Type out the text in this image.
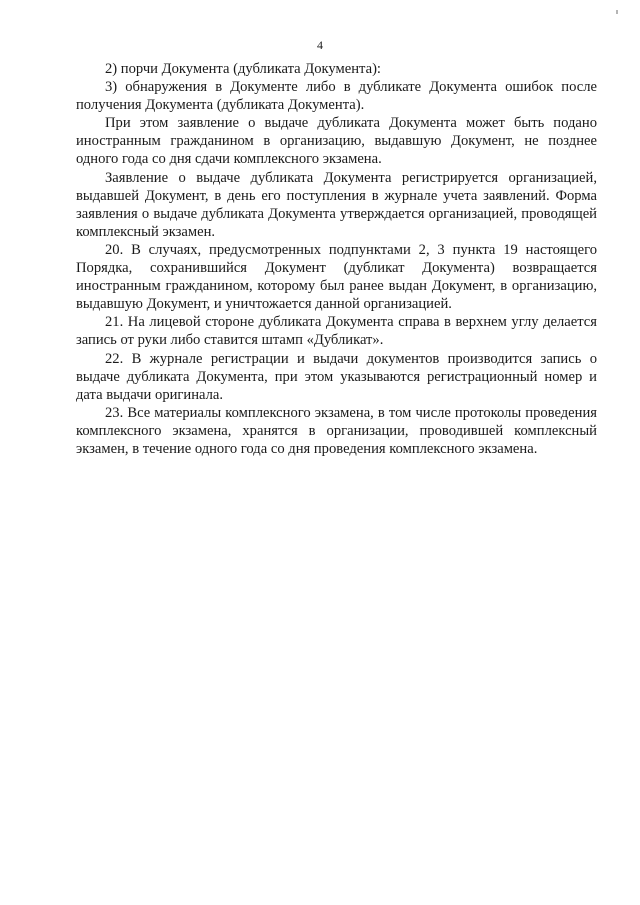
4

2) порчи Документа (дубликата Документа):

3) обнаружения в Документе либо в дубликате Документа ошибок после получения Документа (дубликата Документа).

При этом заявление о выдаче дубликата Документа может быть подано иностранным гражданином в организацию, выдавшую Документ, не позднее одного года со дня сдачи комплексного экзамена.

Заявление о выдаче дубликата Документа регистрируется организацией, выдавшей Документ, в день его поступления в журнале учета заявлений. Форма заявления о выдаче дубликата Документа утверждается организацией, проводящей комплексный экзамен.

20. В случаях, предусмотренных подпунктами 2, 3 пункта 19 настоящего Порядка, сохранившийся Документ (дубликат Документа) возвращается иностранным гражданином, которому был ранее выдан Документ, в организацию, выдавшую Документ, и уничтожается данной организацией.

21. На лицевой стороне дубликата Документа справа в верхнем углу делается запись от руки либо ставится штамп «Дубликат».

22. В журнале регистрации и выдачи документов производится запись о выдаче дубликата Документа, при этом указываются регистрационный номер и дата выдачи оригинала.

23. Все материалы комплексного экзамена, в том числе протоколы проведения комплексного экзамена, хранятся в организации, проводившей комплексный экзамен, в течение одного года со дня проведения комплексного экзамена.
